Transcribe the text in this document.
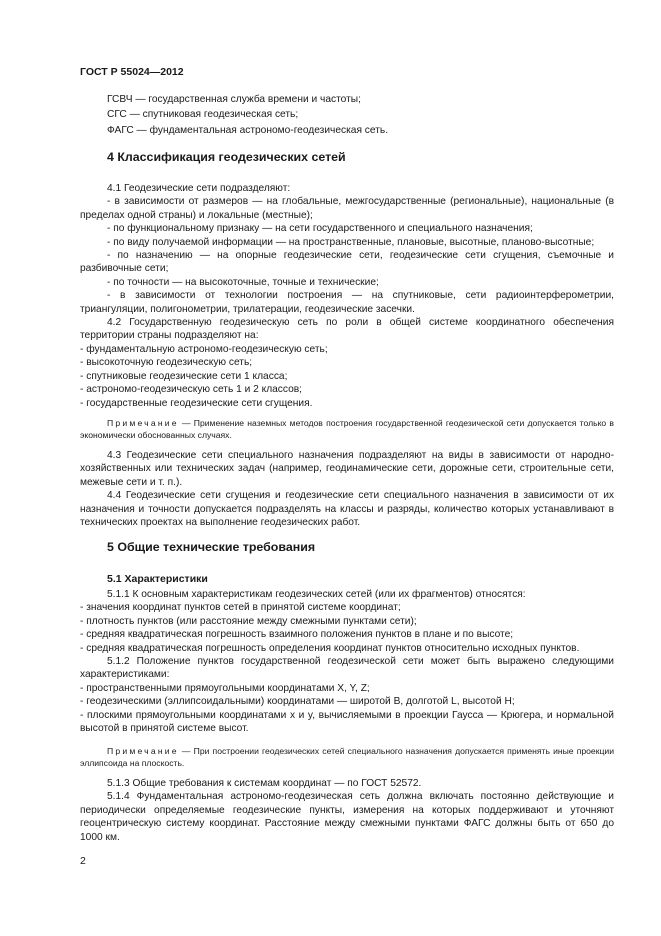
ГОСТ Р 55024—2012
ГСВЧ — государственная служба времени и частоты;
СГС — спутниковая геодезическая сеть;
ФАГС — фундаментальная астрономо-геодезическая сеть.
4 Классификация геодезических сетей

4.1 Геодезические сети подразделяют:

- в зависимости от размеров — на глобальные, межгосударственные (региональные), национальные (в пределах одной страны) и локальные (местные);

- по функциональному признаку — на сети государственного и специального назначения;

- по виду получаемой информации — на пространственные, плановые, высотные, планово-высотные;

- по назначению — на опорные геодезические сети, геодезические сети сгущения, съемочные и разбивочные сети;

- по точности — на высокоточные, точные и технические;

- в зависимости от технологии построения — на спутниковые, сети радиоинтерферометрии, триангуляции, полигонометрии, трилатерации, геодезические засечки.

4.2 Государственную геодезическую сеть по роли в общей системе координатного обеспечения территории страны подразделяют на:

- фундаментальную астрономо-геодезическую сеть;

- высокоточную геодезическую сеть;

- спутниковые геодезические сети 1 класса;

- астрономо-геодезическую сеть 1 и 2 классов;

- государственные геодезические сети сгущения.

Примечание — Применение наземных методов построения государственной геодезической сети допускается только в экономически обоснованных случаях.

4.3 Геодезические сети специального назначения подразделяют на виды в зависимости от народно-хозяйственных или технических задач (например, геодинамические сети, дорожные сети, строительные сети, межевые сети и т. п.).

4.4 Геодезические сети сгущения и геодезические сети специального назначения в зависимости от их назначения и точности допускается подразделять на классы и разряды, количество которых устанавливают в технических проектах на выполнение геодезических работ.

5 Общие технические требования
5.1 Характеристики

5.1.1 К основным характеристикам геодезических сетей (или их фрагментов) относятся:

- значения координат пунктов сетей в принятой системе координат;

- плотность пунктов (или расстояние между смежными пунктами сети);

- средняя квадратическая погрешность взаимного положения пунктов в плане и по высоте;

- средняя квадратическая погрешность определения координат пунктов относительно исходных пунктов.

5.1.2 Положение пунктов государственной геодезической сети может быть выражено следующими характеристиками:

- пространственными прямоугольными координатами X, Y, Z;

- геодезическими (эллипсоидальными) координатами — широтой B, долготой L, высотой H;

- плоскими прямоугольными координатами x и y, вычисляемыми в проекции Гаусса — Крюгера, и нормальной высотой в принятой системе высот.

Примечание — При построении геодезических сетей специального назначения допускается применять иные проекции эллипсоида на плоскость.

5.1.3 Общие требования к системам координат — по ГОСТ 52572.

5.1.4 Фундаментальная астрономо-геодезическая сеть должна включать постоянно действующие и периодически определяемые геодезические пункты, измерения на которых поддерживают и уточняют геоцентрическую систему координат. Расстояние между смежными пунктами ФАГС должны быть от 650 до 1000 км.

2
